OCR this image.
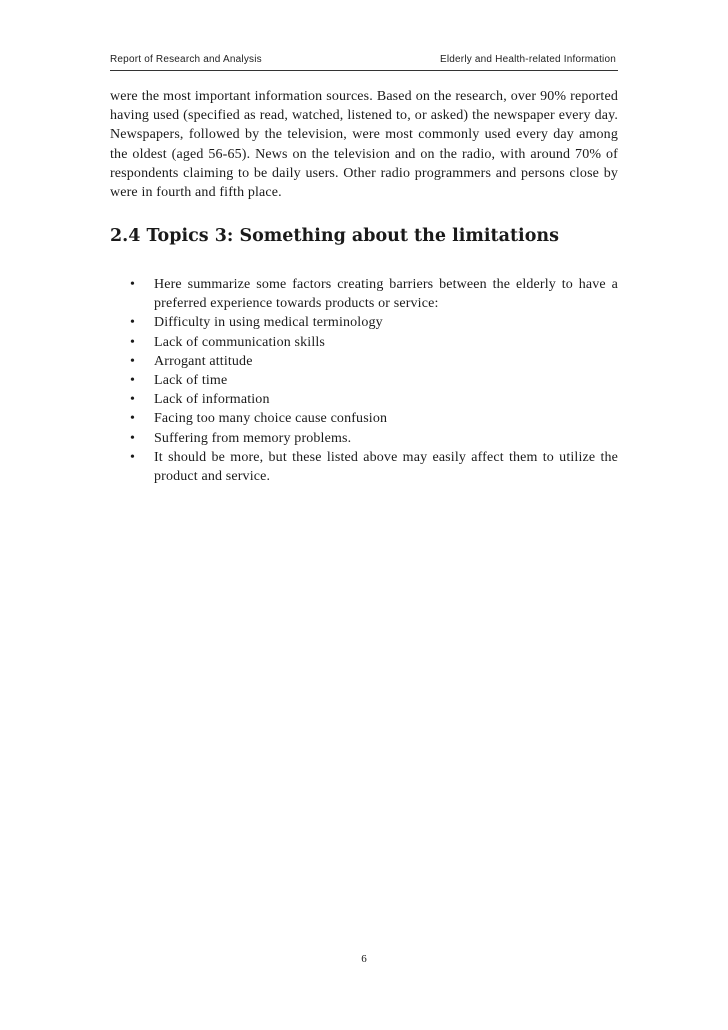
Report of Research and Analysis	Elderly and Health-related Information

were the most important information sources. Based on the research, over 90% reported having used (specified as read, watched, listened to, or asked) the newspaper every day. Newspapers, followed by the television, were most commonly used every day among the oldest (aged 56-65). News on the television and on the radio, with around 70% of respondents claiming to be daily users. Other radio programmers and persons close by were in fourth and fifth place.

2.4 Topics 3: Something about the limitations
•	Here summarize some factors creating barriers between the elderly to have a preferred experience towards products or service:
•	Difficulty in using medical terminology
•	Lack of communication skills
•	Arrogant attitude
•	Lack of time
•	Lack of information
•	Facing too many choice cause confusion
•	Suffering from memory problems.
•	It should be more, but these listed above may easily affect them to utilize the product and service.
6
